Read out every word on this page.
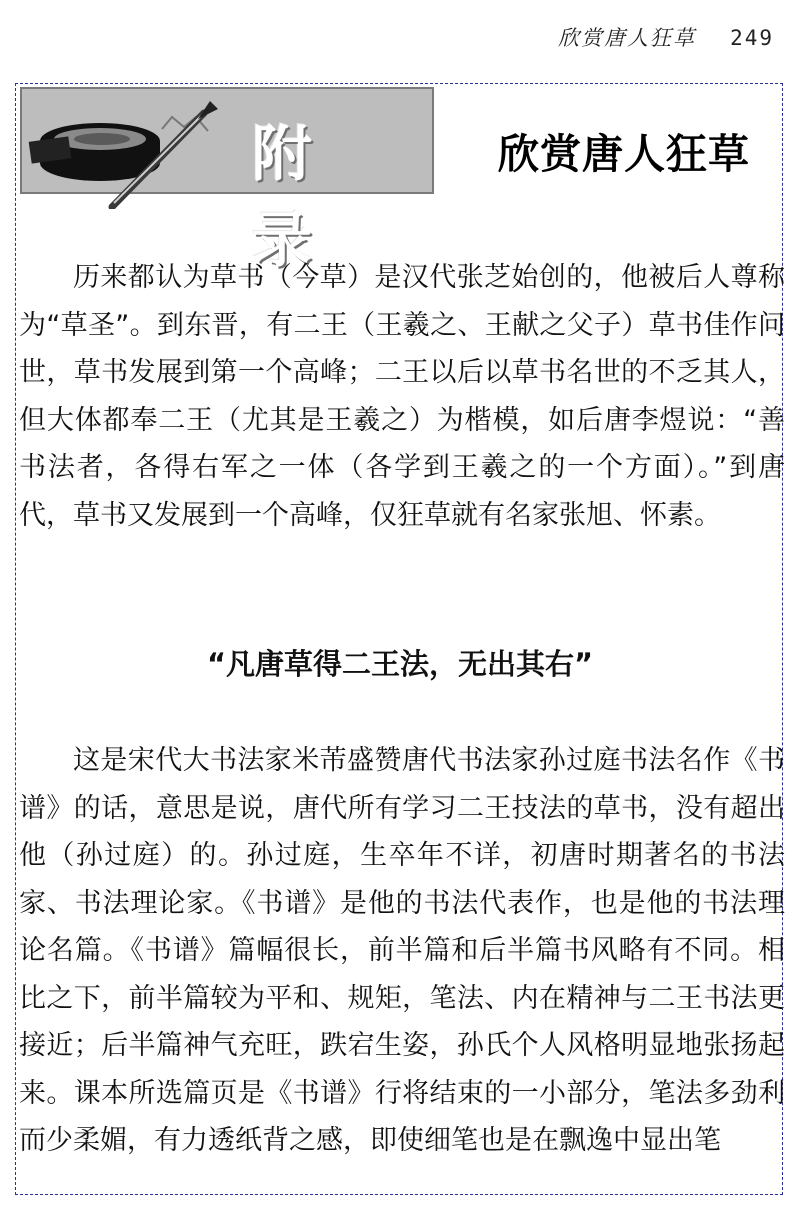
欣赏唐人狂草 249
附录
欣赏唐人狂草

历来都认为草书（今草）是汉代张芝始创的，他被后人尊称为“草圣”。到东晋，有二王（王羲之、王献之父子）草书佳作问世，草书发展到第一个高峰；二王以后以草书名世的不乏其人，但大体都奉二王（尤其是王羲之）为楷模，如后唐李煜说：“善书法者，各得右军之一体（各学到王羲之的一个方面）。”到唐代，草书又发展到一个高峰，仅狂草就有名家张旭、怀素。

“凡唐草得二王法，无出其右”

这是宋代大书法家米芾盛赞唐代书法家孙过庭书法名作《书谱》的话，意思是说，唐代所有学习二王技法的草书，没有超出他（孙过庭）的。孙过庭，生卒年不详，初唐时期著名的书法家、书法理论家。《书谱》是他的书法代表作，也是他的书法理论名篇。《书谱》篇幅很长，前半篇和后半篇书风略有不同。相比之下，前半篇较为平和、规矩，笔法、内在精神与二王书法更接近；后半篇神气充旺，跌宕生姿，孙氏个人风格明显地张扬起来。课本所选篇页是《书谱》行将结束的一小部分，笔法多劲利而少柔媚，有力透纸背之感，即使细笔也是在飘逸中显出笔
